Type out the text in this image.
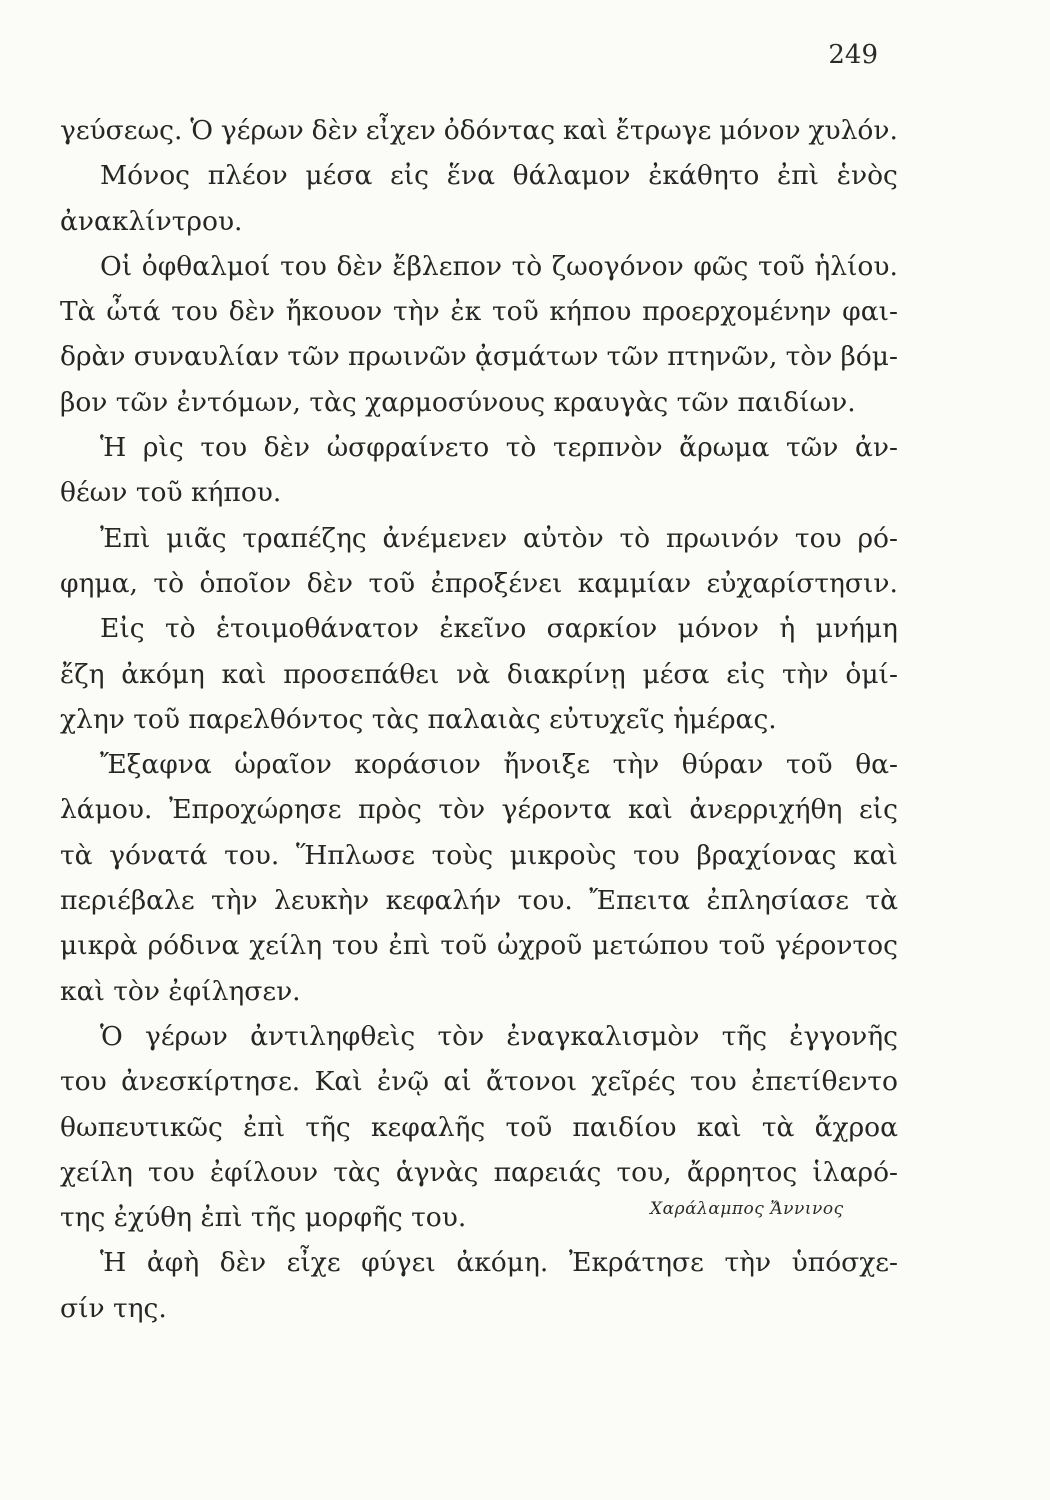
249
γεύσεως. Ὁ γέρων δὲν εἶχεν ὀδόντας καὶ ἔτρωγε μόνον χυλόν.
Μόνος πλέον μέσα εἰς ἕνα θάλαμον ἐκάθητο ἐπὶ ἑνὸς
ἀνακλίντρου.
Οἱ ὀφθαλμοί του δὲν ἔβλεπον τὸ ζωογόνον φῶς τοῦ ἡλίου.
Τὰ ὦτά του δὲν ἤκουον τὴν ἐκ τοῦ κήπου προερχομένην φαι-
δρὰν συναυλίαν τῶν πρωινῶν ᾀσμάτων τῶν πτηνῶν, τὸν βόμ-
βον τῶν ἐντόμων, τὰς χαρμοσύνους κραυγὰς τῶν παιδίων.
Ἡ ρὶς του δὲν ὠσφραίνετο τὸ τερπνὸν ἄρωμα τῶν ἀν-
θέων τοῦ κήπου.
Ἐπὶ μιᾶς τραπέζης ἀνέμενεν αὐτὸν τὸ πρωινόν του ρό-
φημα, τὸ ὁποῖον δὲν τοῦ ἐπροξένει καμμίαν εὐχαρίστησιν.
Εἰς τὸ ἑτοιμοθάνατον ἐκεῖνο σαρκίον μόνον ἡ μνήμη
ἔζη ἀκόμη καὶ προσεπάθει νὰ διακρίνῃ μέσα εἰς τὴν ὁμί-
χλην τοῦ παρελθόντος τὰς παλαιὰς εὐτυχεῖς ἡμέρας.
Ἔξαφνα ὡραῖον κοράσιον ἤνοιξε τὴν θύραν τοῦ θα-
λάμου. Ἐπροχώρησε πρὸς τὸν γέροντα καὶ ἀνερριχήθη εἰς
τὰ γόνατά του. Ἥπλωσε τοὺς μικροὺς του βραχίονας καὶ
περιέβαλε τὴν λευκὴν κεφαλήν του. Ἔπειτα ἐπλησίασε τὰ
μικρὰ ρόδινα χείλη του ἐπὶ τοῦ ὠχροῦ μετώπου τοῦ γέροντος
καὶ τὸν ἐφίλησεν.
Ὁ γέρων ἀντιληφθεὶς τὸν ἐναγκαλισμὸν τῆς ἐγγονῆς
του ἀνεσκίρτησε. Καὶ ἐνῷ αἱ ἄτονοι χεῖρές του ἐπετίθεντο
θωπευτικῶς ἐπὶ τῆς κεφαλῆς τοῦ παιδίου καὶ τὰ ἄχροα
χείλη του ἐφίλουν τὰς ἁγνὰς παρειάς του, ἄρρητος ἱλαρό-
της ἐχύθη ἐπὶ τῆς μορφῆς του.
Ἡ ἀφὴ δὲν εἶχε φύγει ἀκόμη. Ἐκράτησε τὴν ὑπόσχε-
σίν της.
Χαράλαμπος Ἄννινος
